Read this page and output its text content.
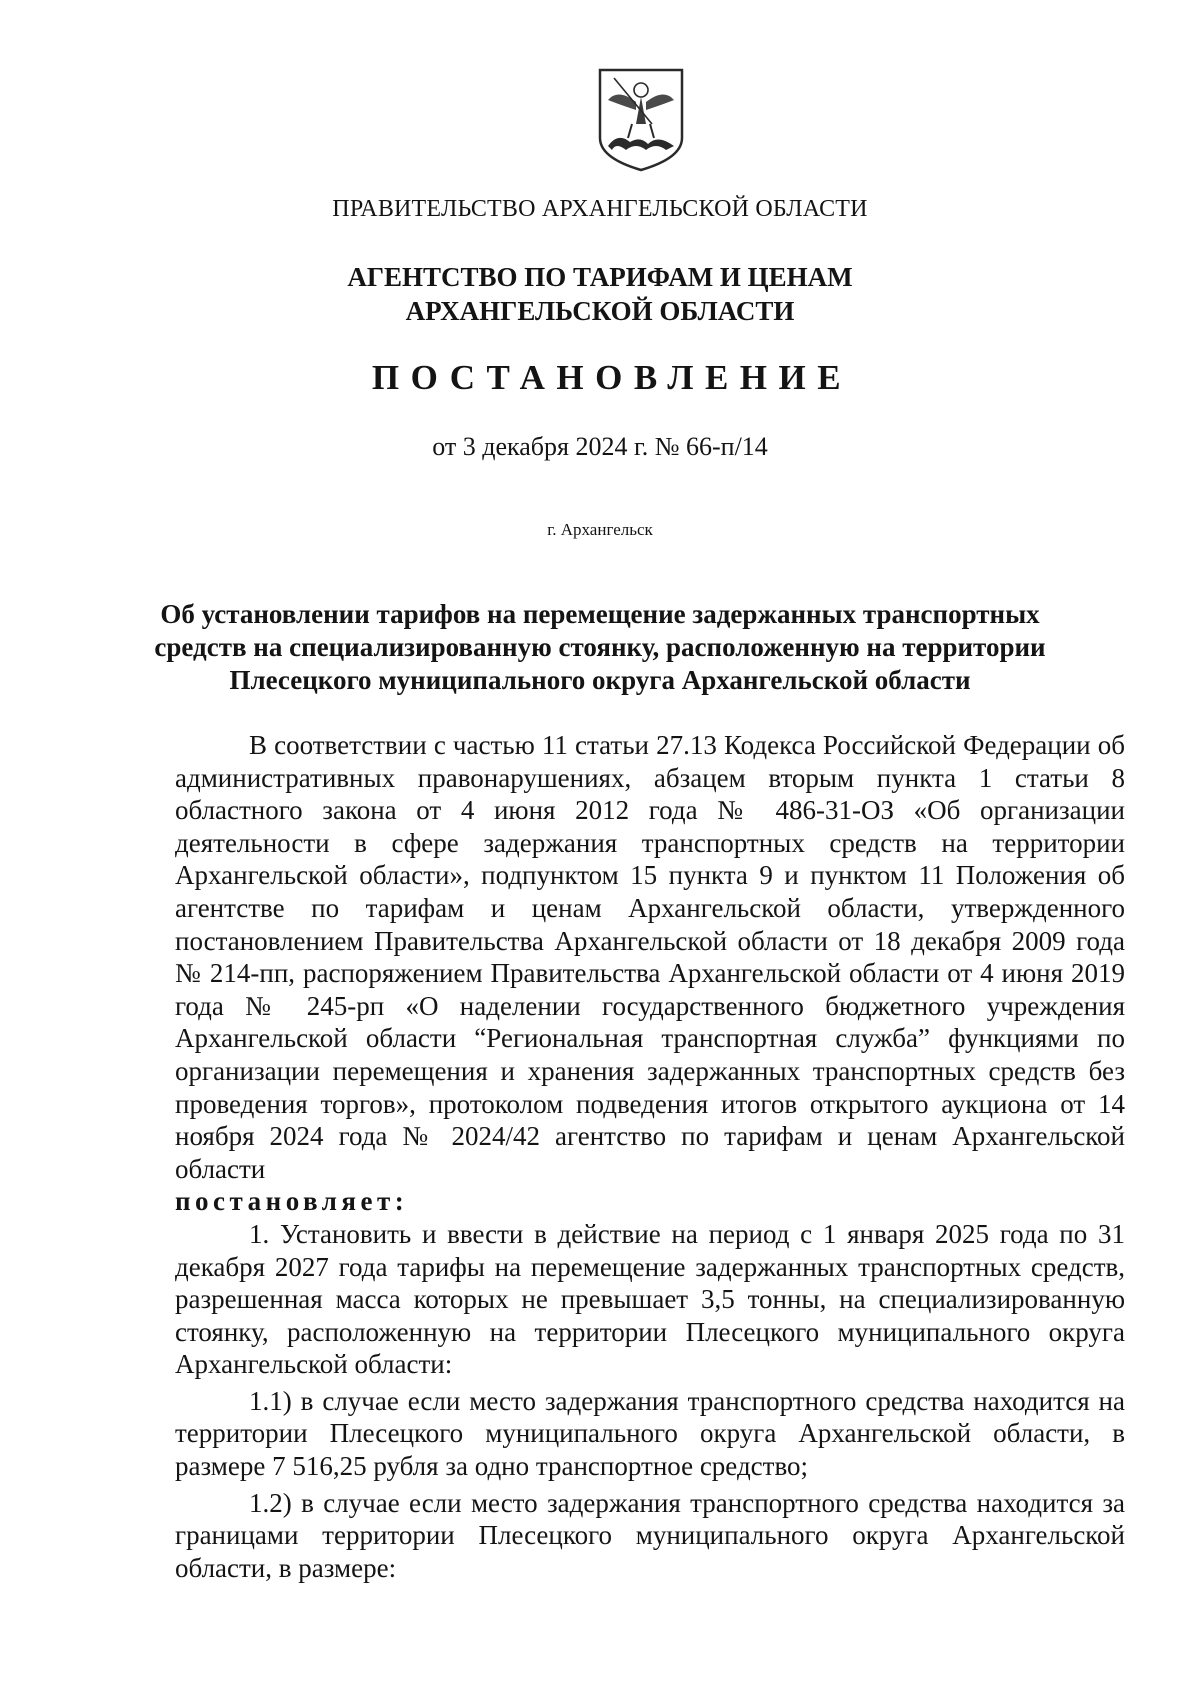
ПРАВИТЕЛЬСТВО АРХАНГЕЛЬСКОЙ ОБЛАСТИ
АГЕНТСТВО ПО ТАРИФАМ И ЦЕНАМ
АРХАНГЕЛЬСКОЙ ОБЛАСТИ
ПОСТАНОВЛЕНИЕ
от 3 декабря 2024 г. № 66-п/14
г. Архангельск
Об установлении тарифов на перемещение задержанных транспортных
средств на специализированную стоянку, расположенную на территории
Плесецкого муниципального округа Архангельской области

В соответствии с частью 11 статьи 27.13 Кодекса Российской Федерации об административных правонарушениях, абзацем вторым пункта 1 статьи 8 областного закона от 4 июня 2012 года № 486-31-ОЗ «Об организации деятельности в сфере задержания транспортных средств на территории Архангельской области», подпунктом 15 пункта 9 и пунктом 11 Положения об агентстве по тарифам и ценам Архангельской области, утвержденного постановлением Правительства Архангельской области от 18 декабря 2009 года № 214-пп, распоряжением Правительства Архангельской области от 4 июня 2019 года № 245-рп «О наделении государственного бюджетного учреждения Архангельской области “Региональная транспортная служба” функциями по организации перемещения и хранения задержанных транспортных средств без проведения торгов», протоколом подведения итогов открытого аукциона от 14 ноября 2024 года № 2024/42 агентство по тарифам и ценам Архангельской области

постановляет:

1. Установить и ввести в действие на период с 1 января 2025 года по 31 декабря 2027 года тарифы на перемещение задержанных транспортных средств, разрешенная масса которых не превышает 3,5 тонны, на специализированную стоянку, расположенную на территории Плесецкого муниципального округа Архангельской области:

1.1) в случае если место задержания транспортного средства находится на территории Плесецкого муниципального округа Архангельской области, в размере 7 516,25 рубля за одно транспортное средство;

1.2) в случае если место задержания транспортного средства находится за границами территории Плесецкого муниципального округа Архангельской области, в размере:
